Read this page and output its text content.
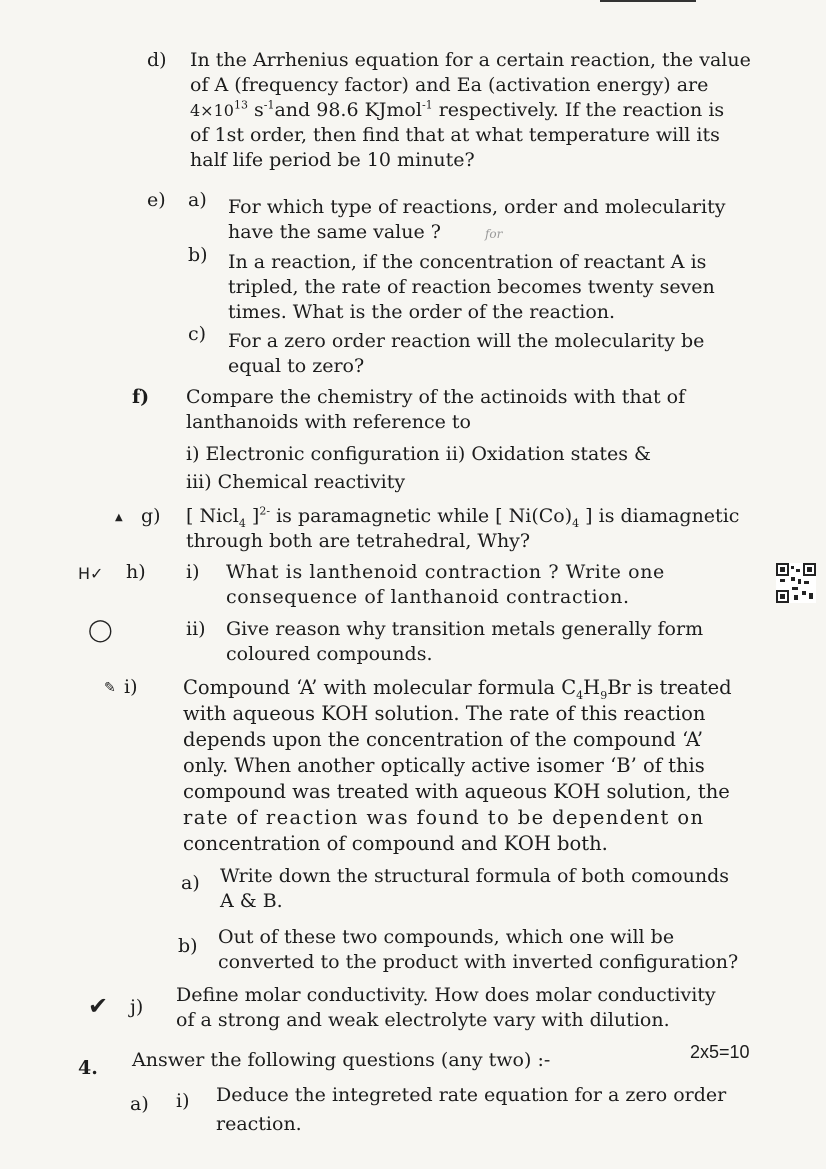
d) In the Arrhenius equation for a certain reaction, the value

of A (frequency factor) and Ea (activation energy) are

$4\times 10^{13}$ $s^{-1}and$ 98.6 KJmol$^{-1}$ respectively. If the reaction is

of 1st order, then find that at what temperature will its

half life period be 10 minute?

e) a) For which type of reactions, order and molecularity

have the same value ?	for

b) In a reaction, if the concentration of reactant A is

tripled, the rate of reaction becomes twenty seven

times. What is the order of the reaction.

c) For a zero order reaction will the molecularity be

equal to zero?

f) Compare the chemistry of the actinoids with that of

lanthanoids with reference to

i) Electronic configuration ii) Oxidation states &

iii) Chemical reactivity

▲ g) [ Nicl$_4$ ]$^{2-}$ is paramagnetic while [ $Ni(Co)_4$ ] is diamagnetic

through both are tetrahedral, Why?

H✓ h) i) What is lanthenoid contraction ? Write one

consequence of lanthanoid contraction.

◯	ii) Give reason why transition metals generally form

coloured compounds.

✎ i) Compound ‘A’ with molecular formula $C_4H_9Br$ is treated

with aqueous KOH solution. The rate of this reaction

depends upon the concentration of the compound ‘A’

only. When another optically active isomer ‘B’ of this

compound was treated with aqueous KOH solution, the

rate of reaction was found to be dependent on

concentration of compound and KOH both.

a) Write down the structural formula of both comounds

A & B.

b) Out of these two compounds, which one will be

converted to the product with inverted configuration?

✔ j)

Define molar conductivity. How does molar conductivity

of a strong and weak electrolyte vary with dilution.

4. Answer the following questions (any two) :-	2x5=10
a) i) Deduce the integreted rate equation for a zero order

reaction.
